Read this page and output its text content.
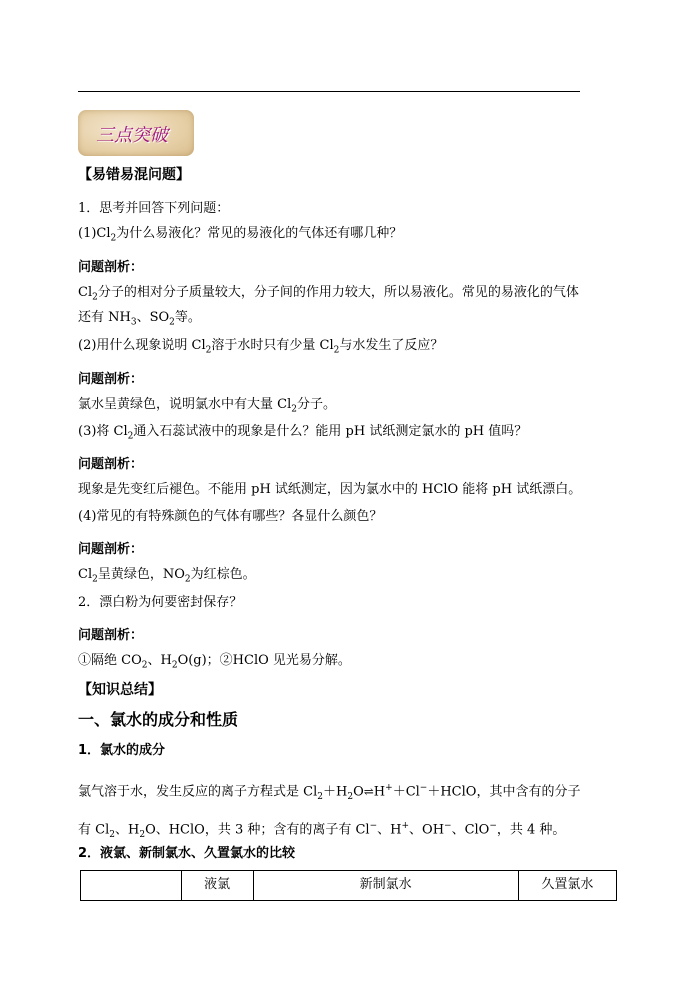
三点突破
【易错易混问题】
1．思考并回答下列问题：
$(1)Cl_2$为什么易液化？常见的易液化的气体还有哪几种？
问题剖析：
$Cl_2$分子的相对分子质量较大，分子间的作用力较大，所以易液化。常见的易液化的气体
还有 $NH_3$、$SO_2$等。
(2)用什么现象说明 $Cl_2$溶于水时只有少量 $Cl_2$与水发生了反应？
问题剖析：
氯水呈黄绿色，说明氯水中有大量 $Cl_2$分子。
(3)将 $Cl_2$通入石蕊试液中的现象是什么？能用 pH 试纸测定氯水的 pH 值吗？
问题剖析：
现象是先变红后褪色。不能用 pH 试纸测定，因为氯水中的 HClO 能将 pH 试纸漂白。
(4)常见的有特殊颜色的气体有哪些？各显什么颜色？
问题剖析：
$Cl_2$呈黄绿色，$NO_2$为红棕色。
2．漂白粉为何要密封保存？
问题剖析：
①隔绝 $CO_2$、$H_2O(g)$；②HClO 见光易分解。
【知识总结】
一、氯水的成分和性质
1．氯水的成分
氯气溶于水，发生反应的离子方程式是 $Cl_2+H_2O\rightleftharpoons H^++Cl^-+HClO$，其中含有的分子
有 $Cl_2$、$H_2O$、HClO，共 3 种；含有的离子有 Cl−、H+、OH−、ClO−，共 4 种。
2．液氯、新制氯水、久置氯水的比较
	液氯	新制氯水	久置氯水
